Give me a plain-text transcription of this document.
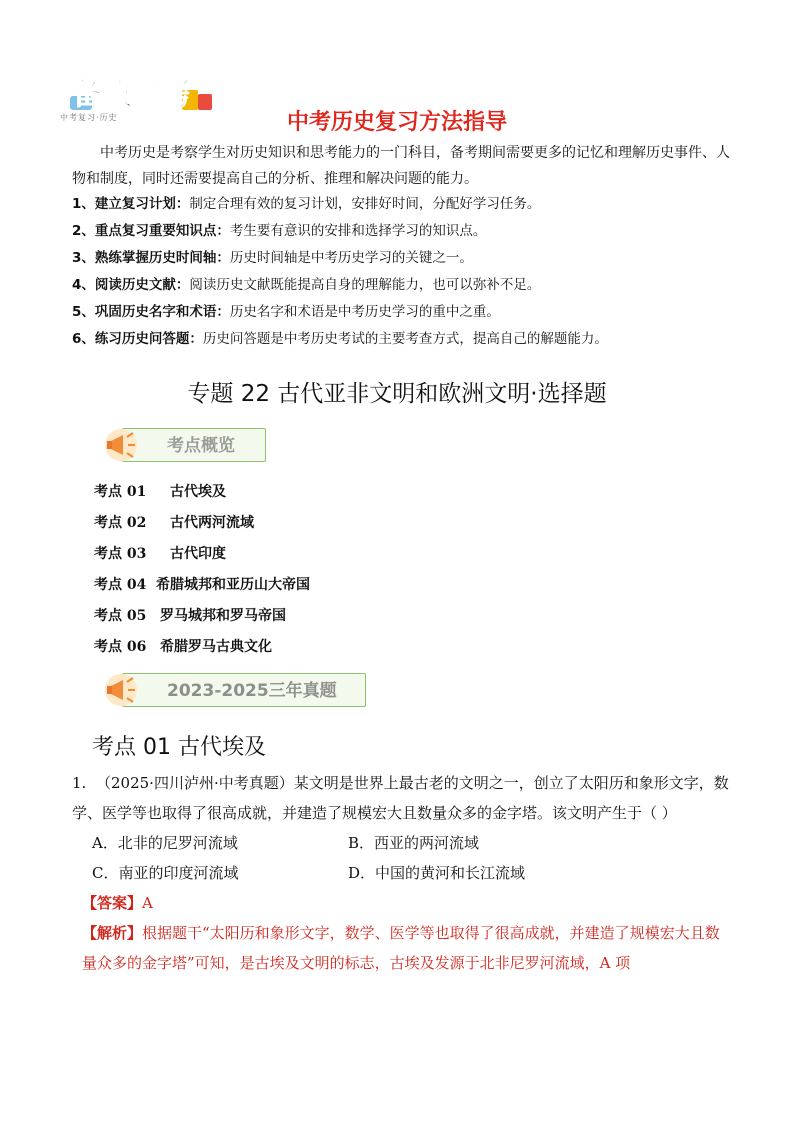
备战中考
中考复习·历史	中考历史复习方法指导
中考历史是考察学生对历史知识和思考能力的一门科目，备考期间需要更多的记忆和理解历史事件、人物和制度，同时还需要提高自己的分析、推理和解决问题的能力。
1、建立复习计划：制定合理有效的复习计划，安排好时间，分配好学习任务。
2、重点复习重要知识点：考生要有意识的安排和选择学习的知识点。
3、熟练掌握历史时间轴：历史时间轴是中考历史学习的关键之一。
4、阅读历史文献：阅读历史文献既能提高自身的理解能力，也可以弥补不足。
5、巩固历史名字和术语：历史名字和术语是中考历史学习的重中之重。
6、练习历史问答题：历史问答题是中考历史考试的主要考查方式，提高自己的解题能力。
专题 22 古代亚非文明和欧洲文明·选择题
考点概览
考点 01 古代埃及
考点 02 古代两河流域
考点 03 古代印度
考点 04 希腊城邦和亚历山大帝国
考点 05 罗马城邦和罗马帝国
考点 06 希腊罗马古典文化
2023-2025三年真题
考点 01 古代埃及
1. （2025·四川泸州·中考真题）某文明是世界上最古老的文明之一，创立了太阳历和象形文字，数学、医学等也取得了很高成就，并建造了规模宏大且数量众多的金字塔。该文明产生于（ ）
A．北非的尼罗河流域	B．西亚的两河流域
C．南亚的印度河流域	D．中国的黄河和长江流域
【答案】A
【解析】根据题干“太阳历和象形文字，数学、医学等也取得了很高成就，并建造了规模宏大且数量众多的金字塔”可知，是古埃及文明的标志，古埃及发源于北非尼罗河流域，A 项
